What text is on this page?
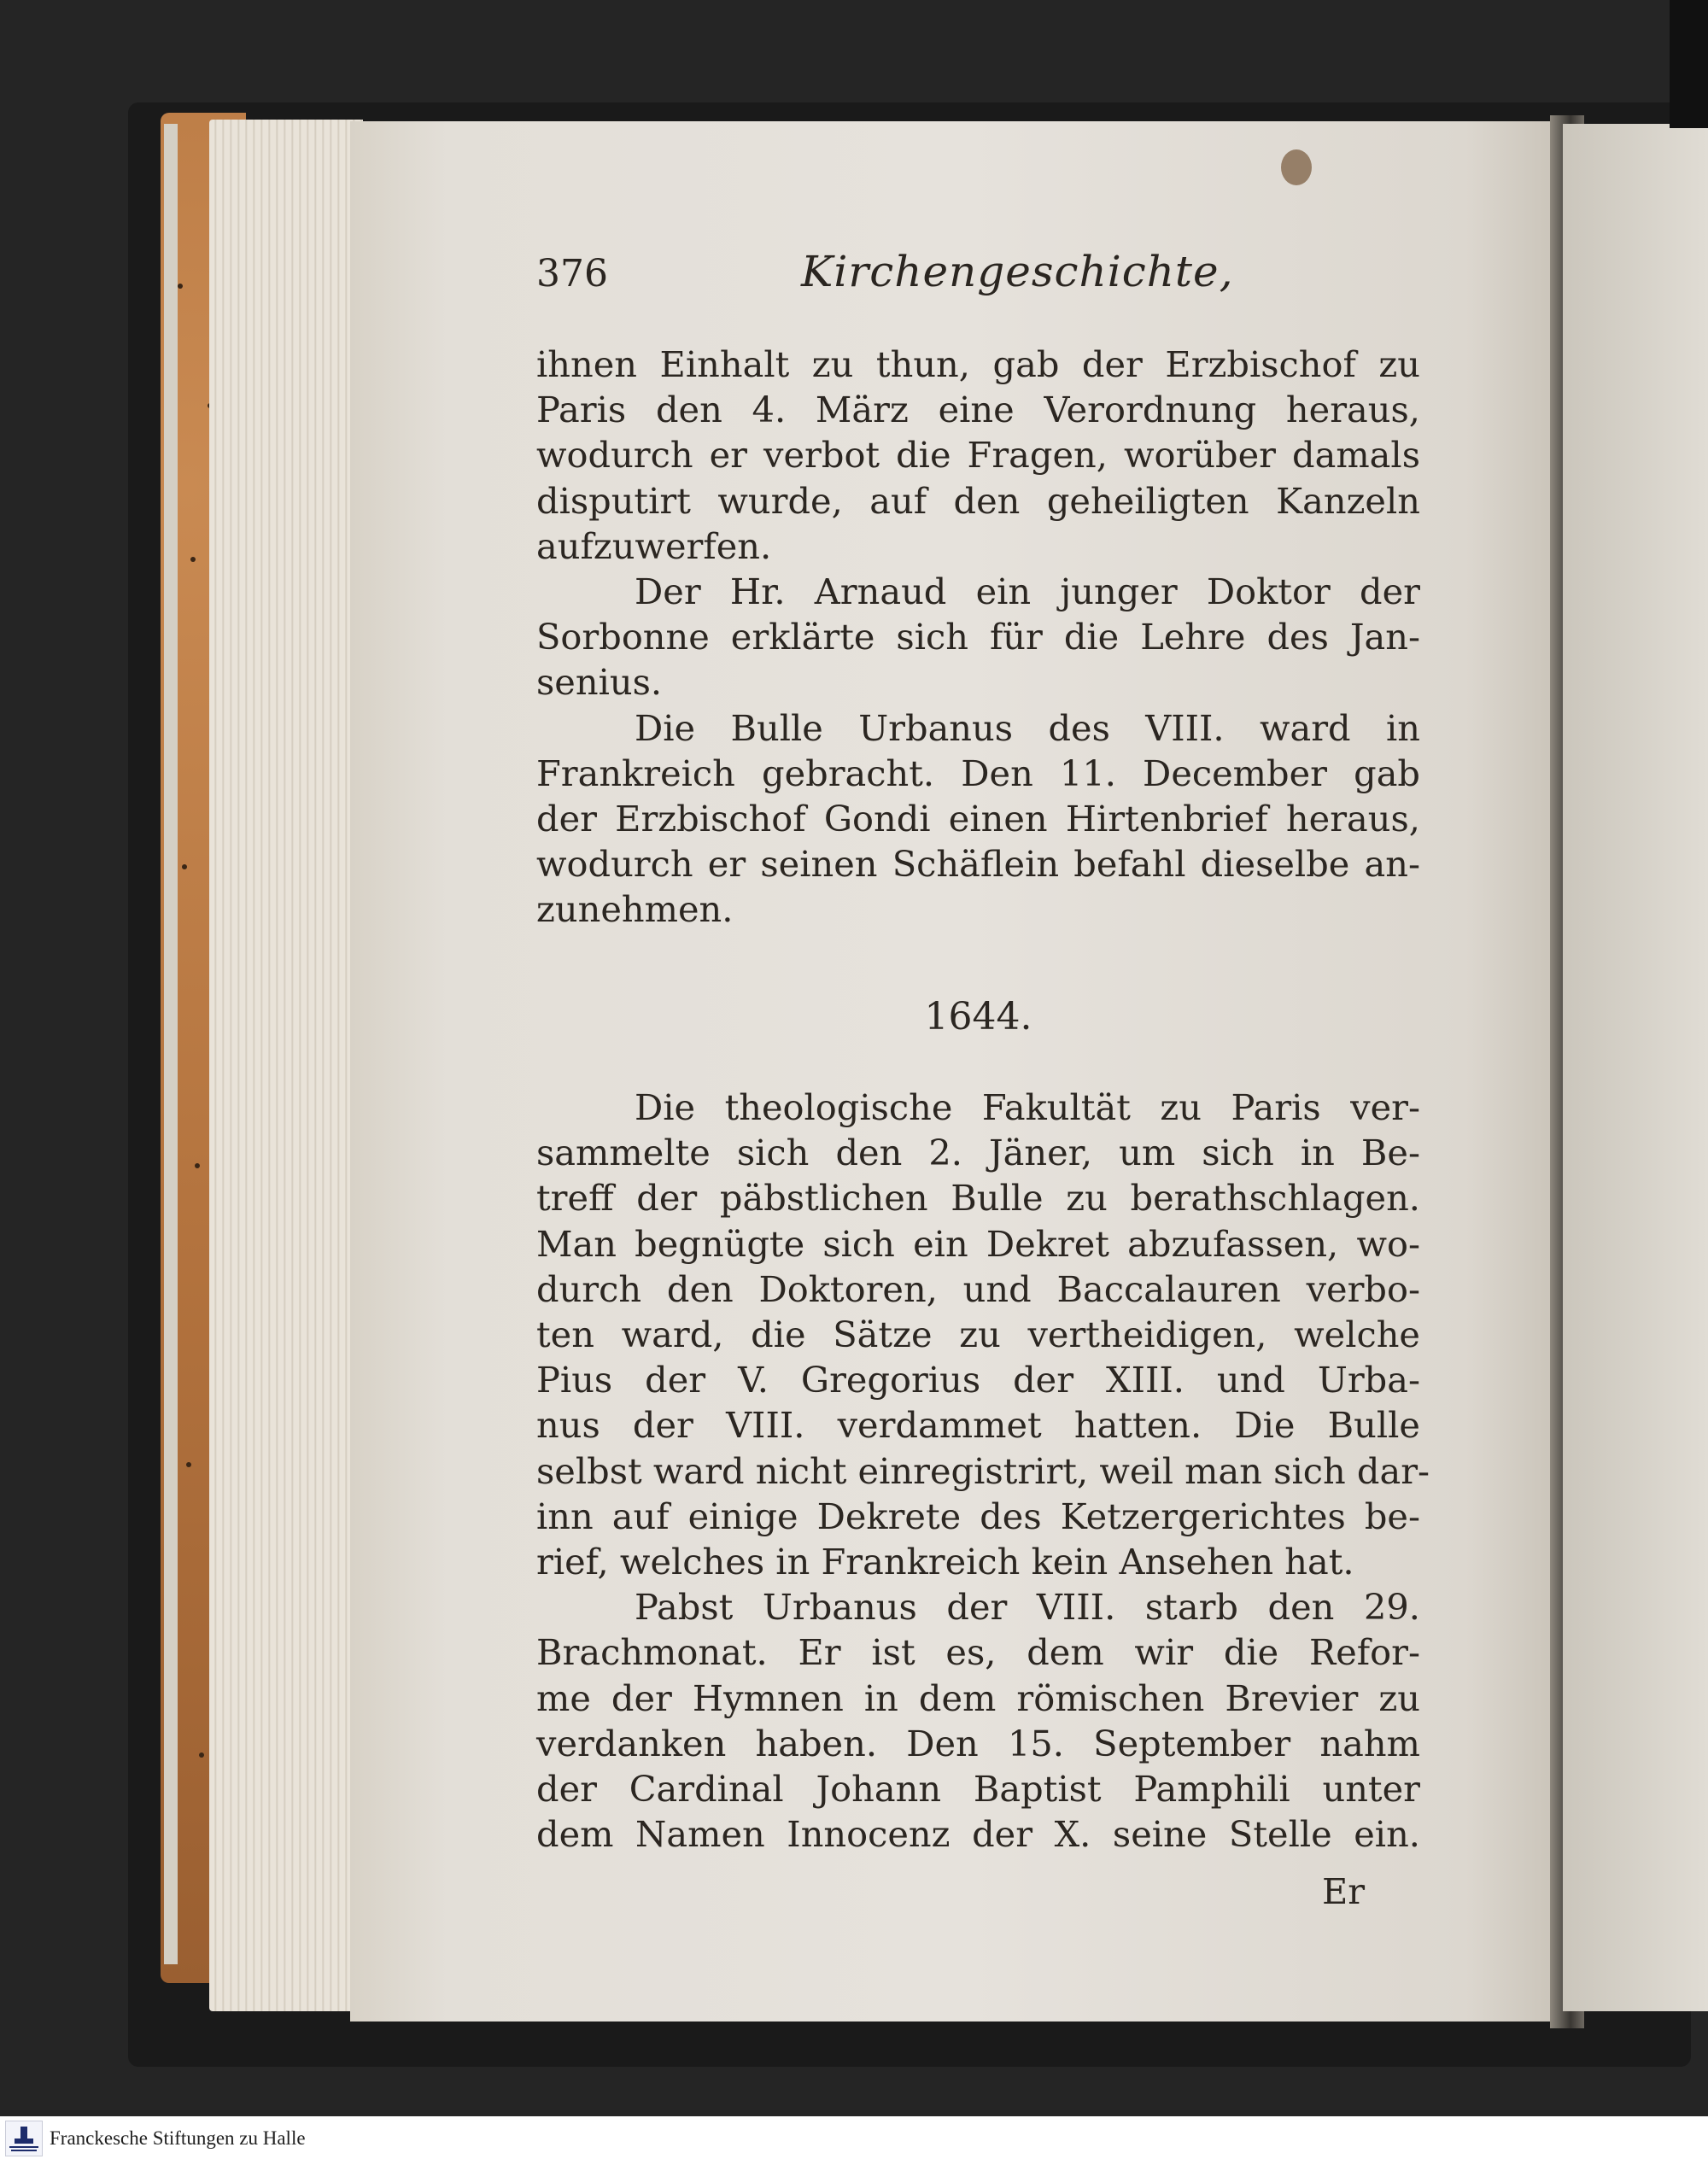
376	Kirchengeschichte,
ihnen Einhalt zu thun, gab der Erzbischof zu
Paris den 4. März eine Verordnung heraus,
wodurch er verbot die Fragen, worüber damals
disputirt wurde, auf den geheiligten Kanzeln
aufzuwerfen.
Der Hr. Arnaud ein junger Doktor der
Sorbonne erklärte sich für die Lehre des Jan-
senius.
Die Bulle Urbanus des VIII. ward in
Frankreich gebracht. Den 11. December gab
der Erzbischof Gondi einen Hirtenbrief heraus,
wodurch er seinen Schäflein befahl dieselbe an-
zunehmen.
1644.
Die theologische Fakultät zu Paris ver-
sammelte sich den 2. Jäner, um sich in Be-
treff der päbstlichen Bulle zu berathschlagen.
Man begnügte sich ein Dekret abzufassen, wo-
durch den Doktoren, und Baccalauren verbo-
ten ward, die Sätze zu vertheidigen, welche
Pius der V. Gregorius der XIII. und Urba-
nus der VIII. verdammet hatten. Die Bulle
selbst ward nicht einregistrirt, weil man sich dar-
inn auf einige Dekrete des Ketzergerichtes be-
rief, welches in Frankreich kein Ansehen hat.
Pabst Urbanus der VIII. starb den 29.
Brachmonat. Er ist es, dem wir die Refor-
me der Hymnen in dem römischen Brevier zu
verdanken haben. Den 15. September nahm
der Cardinal Johann Baptist Pamphili unter
dem Namen Innocenz der X. seine Stelle ein.
Er
Franckesche Stiftungen zu Halle
